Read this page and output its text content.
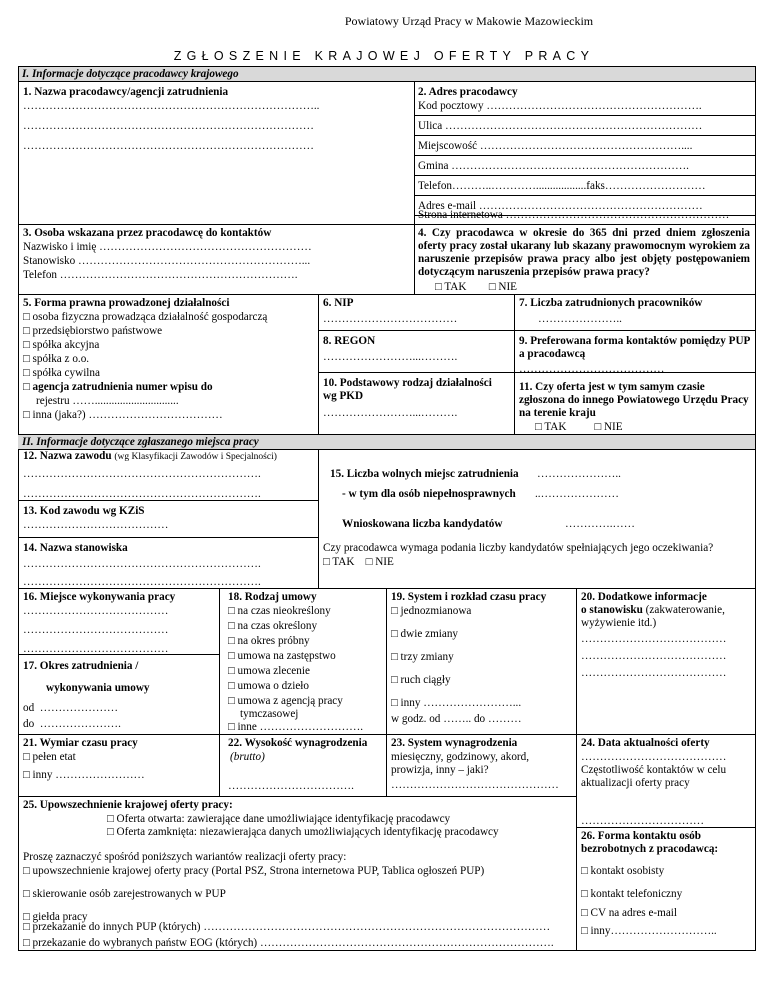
Powiatowy Urząd Pracy w Makowie Mazowieckim
ZGŁOSZENIE KRAJOWEJ OFERTY PRACY
I. Informacje dotyczące pracodawcy krajowego
1. Nazwa pracodawcy/agencji zatrudnienia
……………………………………………………………………..
……………………………………………………………………
……………………………………………………………………
2. Adres pracodawcy
Kod pocztowy ………………………………………………….
Ulica ……………………………………………………………
Miejscowość ………………………………………………....
Gmina ……………………………………………………….
Telefon………..…………..................faks………………………
Adres e-mail ……………………………………………………
Strona internetowa ……………………………………………………
3. Osoba wskazana przez pracodawcę do kontaktów
Nazwisko i imię …………………………………………………
Stanowisko ……………………………………………………...
Telefon ……………………………………………………….
4. Czy pracodawca w okresie do 365 dni przed dniem zgłoszenia oferty pracy został ukarany lub skazany prawomocnym wyrokiem za naruszenie przepisów prawa pracy albo jest objęty postępowaniem dotyczącym naruszenia przepisów prawa pracy?
□ TAK        □ NIE
5. Forma prawna prowadzonej działalności
□ osoba fizyczna prowadząca działalność gospodarczą
□ przedsiębiorstwo państwowe
□ spółka akcyjna
□ spółka z o.o.
□ spółka cywilna
□ agencja zatrudnienia numer wpisu do
rejestru ……..............................
□ inna (jaka?) ………………………………
6. NIP
………………………………
8. REGON
……………………...……….
10. Podstawowy rodzaj działalności wg PKD
……………………...……….
7. Liczba zatrudnionych pracowników
…………………..
9. Preferowana forma kontaktów pomiędzy PUP a pracodawcą
…………………………………
11. Czy oferta jest w tym samym czasie zgłoszona do innego Powiatowego Urzędu Pracy na terenie kraju
□ TAK          □ NIE
II. Informacje dotyczące zgłaszanego miejsca pracy
12. Nazwa zawodu (wg Klasyfikacji Zawodów i Specjalności)
……………………………………………………….
……………………………………………………….
13. Kod zawodu wg KZiS
…………………………………
14. Nazwa stanowiska
……………………………………………………….
……………………………………………………….
15. Liczba wolnych miejsc zatrudnienia …………………..
- w tym dla osób niepełnosprawnych ..…………………
Wnioskowana liczba kandydatów	………….……
Czy pracodawca wymaga podania liczby kandydatów spełniających jego oczekiwania?
□ TAK    □ NIE
16. Miejsce wykonywania pracy
…………………………………
…………………………………
…………………………………
17. Okres zatrudnienia /
wykonywania umowy
od  …………………
do  ………………….
18. Rodzaj umowy
□ na czas nieokreślony
□ na czas określony
□ na okres próbny
□ umowa na zastępstwo
□ umowa zlecenie
□ umowa o dzieło
□ umowa z agencją pracy
tymczasowej
□ inne ……………………….
19. System i rozkład czasu pracy
□ jednozmianowa
□ dwie zmiany
□ trzy zmiany
□ ruch ciągły
□ inny ……………………...
w godz. od …….. do ………
20. Dodatkowe informacje
o stanowisku (zakwaterowanie, wyżywienie itd.)
…………………………………
…………………………………
…………………………………
21. Wymiar czasu pracy
□ pełen etat
□ inny ……………………
22. Wysokość wynagrodzenia
(brutto)
…………………………….
23. System wynagrodzenia
miesięczny, godzinowy, akord, prowizja, inny – jaki?
………………………………………
24. Data aktualności oferty
…………………………………
Częstotliwość kontaktów w celu aktualizacji oferty pracy
……………………………
25. Upowszechnienie krajowej oferty pracy:
□ Oferta otwarta: zawierające dane umożliwiające identyfikację pracodawcy
□ Oferta zamknięta: niezawierająca danych umożliwiających identyfikację pracodawcy
Proszę zaznaczyć spośród poniższych wariantów realizacji oferty pracy:
□ upowszechnienie krajowej oferty pracy (Portal PSZ, Strona internetowa PUP, Tablica ogłoszeń PUP)
□ skierowanie osób zarejestrowanych w PUP
□ giełda pracy
□ przekazanie do innych PUP (których) …………………………………………………………………………………
□ przekazanie do wybranych państw EOG (których) …………………………………………………………………….
26. Forma kontaktu osób bezrobotnych z pracodawcą:
□ kontakt osobisty
□ kontakt telefoniczny
□ CV na adres e-mail
□ inny………………………..
